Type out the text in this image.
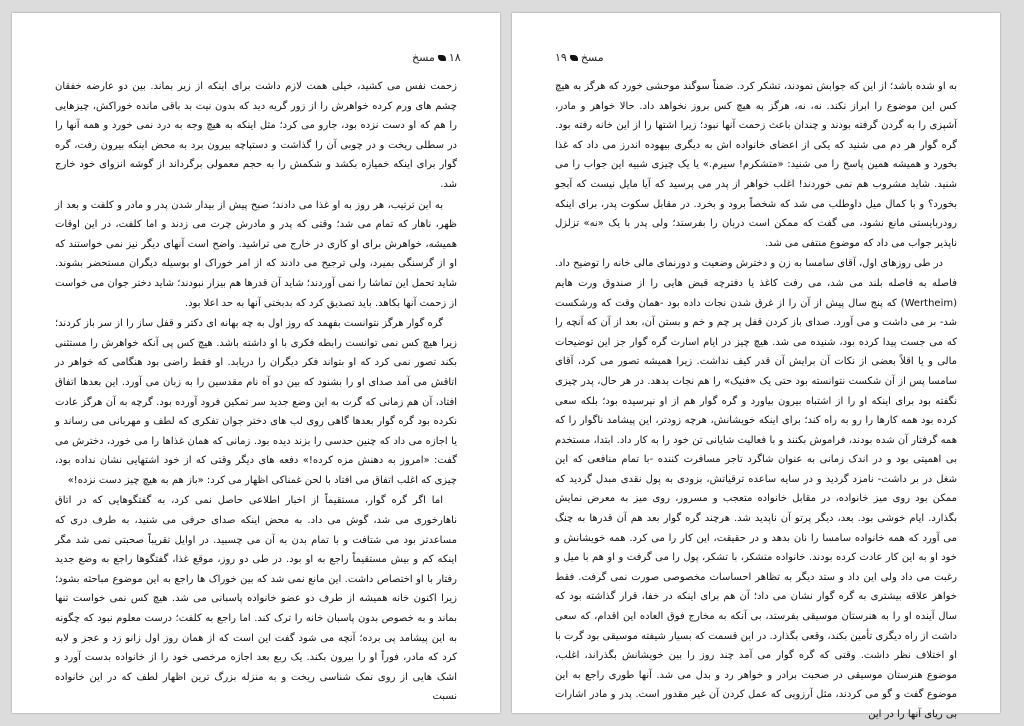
۱۸
مسخ

زحمت نفس می کشید، خیلی همت لازم داشت برای اینکه از زیر بماند. بین دو عارضه خفقان چشم های ورم کرده خواهرش را از زور گریه دید که بدون نیت بد باقی مانده خوراکش، چیزهایی را هم که او دست نزده بود، جارو می کرد؛ مثل اینکه به هیچ وجه به درد نمی خورد و همه آنها را در سطلی ریخت و در چوبی آن را گذاشت و دستپاچه بیرون برد به محض اینکه بیرون رفت، گره گوار برای اینکه خمیازه بکشد و شکمش را به حجم معمولی برگرداند از گوشه انزوای خود خارج شد.

به این ترتیب، هر روز به او غذا می دادند؛ صبح پیش از بیدار شدن پدر و مادر و کلفت و بعد از ظهر، ناهار که تمام می شد؛ وقتی که پدر و مادرش چرت می زدند و اما کلفت، در این اوقات همیشه، خواهرش برای او کاری در خارج می تراشید. واضح است آنهای دیگر نیز نمی خواستند که او از گرسنگی بمیرد، ولی ترجیح می دادند که از امر خوراک او بوسیله دیگران مستحضر بشوند. شاید تحمل این تماشا را نمی آوردند؛ شاید آن قدرها هم بیزار نبودند؛ شاید دختر جوان می خواست از زحمت آنها بکاهد. باید تصدیق کرد که بدبختی آنها به حد اعلا بود.

گره گوار هرگز نتوانست بفهمد که روز اول به چه بهانه ای دکتر و قفل ساز را از سر باز کردند؛ زیرا هیچ کس نمی توانست رابطه فکری با او داشته باشد. هیچ کس پی آنکه خواهرش را مستثنی بکند تصور نمی کرد که او بتواند فکر دیگران را دریابد. او فقط راضی بود هنگامی که خواهر در اتاقش می آمد صدای او را بشنود که بین دو آه نام مقدسین را به زبان می آورد. این بعدها اتفاق افتاد، آن هم زمانی که گرت به این وضع جدید سر تمکین فرود آورده بود. گرچه به آن هرگز عادت نکرده بود گره گوار بعدها گاهی روی لب های دختر جوان تفکری که لطف و مهربانی می رساند و یا اجازه می داد که چنین حدسی را بزند دیده بود. زمانی که همان غذاها را می خورد، دخترش می گفت: «امروز به دهنش مزه کرده!» دفعه های دیگر وقتی که از خود اشتهایی نشان نداده بود، چیزی که اغلب اتفاق می افتاد با لحن غمناکی اظهار می کرد: «باز هم به هیچ چیز دست نزده!»

اما اگر گره گوار، مستقیماً از اخبار اطلاعی حاصل نمی کرد، به گفتگوهایی که در اتاق ناهارخوری می شد، گوش می داد. به محض اینکه صدای حرفی می شنید، به طرف دری که مساعدتر بود می شتافت و با تمام بدن به آن می چسبید. در اوایل تقریباً صحبتی نمی شد مگر اینکه کم و بیش مستقیماً راجع به او بود. در طی دو روز، موقع غذا، گفتگوها راجع به وضع جدید رفتار با او اختصاص داشت. این مانع نمی شد که بین خوراک ها راجع به این موضوع مباحثه بشود؛ زیرا اکنون خانه همیشه از طرف دو عضو خانواده پاسبانی می شد. هیچ کس نمی خواست تنها بماند و به خصوص بدون پاسبان خانه را ترک کند. اما راجع به کلفت؛ درست معلوم نبود که چگونه به این پیشامد پی برده؛ آنچه می شود گفت این است که از همان روز اول زانو زد و عجز و لابه کرد که مادر، فوراً او را بیرون بکند. یک ربع بعد اجازه مرخصی خود را از خانواده بدست آورد و اشک هایی از روی نمک شناسی ریخت و به منزله بزرگ ترین اظهار لطف که در این خانواده نسبت

مسخ
۱۹

به او شده باشد؛ از این که جوابش نمودند، تشکر کرد. ضمناً سوگند موحشی خورد که هرگز به هیچ کس این موضوع را ابراز نکند. نه، نه، هرگز به هیچ کس بروز نخواهد داد. حالا خواهر و مادر، آشپزی را به گردن گرفته بودند و چندان باعث زحمت آنها نبود؛ زیرا اشتها را از این خانه رفته بود. گره گوار هر دم می شنید که یکی از اعضای خانواده اش به دیگری بیهوده اندرز می داد که غذا بخورد و همیشه همین پاسخ را می شنید: «متشکرم! سیرم.» یا یک چیزی شبیه این جواب را می شنید. شاید مشروب هم نمی خوردند! اغلب خواهر از پدر می پرسید که آیا مایل نیست که آبجو بخورد؟ و با کمال میل داوطلب می شد که شخصاً برود و بخرد. در مقابل سکوت پدر، برای اینکه رودربایستی مانع نشود، می گفت که ممکن است دربان را بفرستد؛ ولی پدر با یک «نه» تزلزل ناپذیر جواب می داد که موضوع منتفی می شد.

در طی روزهای اول، آقای سامسا به زن و دخترش وضعیت و دورنمای مالی خانه را توضیح داد. فاصله به فاصله بلند می شد، می رفت کاغذ یا دفترچه قبض هایی را از صندوق ورت هایم (Wertheim) که پنج سال پیش از آن را از غرق شدن نجات داده بود -همان وقت که ورشکست شد- بر می داشت و می آورد. صدای باز کردن قفل پر چم و خم و بستن آن، بعد از آن که آنچه را که می جست پیدا کرده بود، شنیده می شد. هیچ چیز در ایام اسارت گره گوار جز این توضیحات مالی و یا اقلاً بعضی از نکات آن برایش آن قدر کیف نداشت. زیرا همیشه تصور می کرد، آقای سامسا پس از آن شکست نتوانسته بود حتی یک «فنیک» را هم نجات بدهد. در هر حال، پدر چیزی نگفته بود برای اینکه او را از اشتباه بیرون بیاورد و گره گوار هم از او نپرسیده بود؛ بلکه سعی کرده بود همه کارها را رو به راه کند؛ برای اینکه خویشانش، هرچه زودتر، این پیشامد ناگوار را که همه گرفتار آن شده بودند، فراموش بکنند و با فعالیت شایانی تن خود را به کار داد. ابتدا، مستخدم بی اهمیتی بود و در اندک زمانی به عنوان شاگرد تاجر مسافرت کننده -با تمام منافعی که این شغل در بر داشت- نامزد گردید و در سایه ساعده ترقیاتش، بزودی به پول نقدی مبدل گردید که ممکن بود روی میز خانواده، در مقابل خانواده متعجب و مسرور، روی میز به معرض نمایش بگذارد. ایام خوشی بود. بعد، دیگر پرتو آن ناپدید شد. هرچند گره گوار بعد هم آن قدرها به چنگ می آورد که همه خانواده سامسا را نان بدهد و در حقیقت، این کار را می کرد. همه خویشانش و خود او به این کار عادت کرده بودند. خانواده متشکر، با تشکر، پول را می گرفت و او هم با میل و رغبت می داد ولی این داد و ستد دیگر به تظاهر احساسات مخصوصی صورت نمی گرفت. فقط خواهر علاقه بیشتری به گره گوار نشان می داد؛ آن هم برای اینکه در خفا، قرار گذاشته بود که سال آینده او را به هنرستان موسیقی بفرستد، بی آنکه به مخارج فوق العاده این اقدام، که سعی داشت از راه دیگری تأمین بکند، وقعی بگذارد. در این قسمت که بسیار شیفته موسیقی بود گرت با او اختلاف نظر داشت. وقتی که گره گوار می آمد چند روز را بین خویشانش بگذراند، اغلب، موضوع هنرستان موسیقی در صحبت برادر و خواهر رد و بدل می شد. آنها طوری راجع به این موضوع گفت و گو می کردند، مثل آرزویی که عمل کردن آن غیر مقدور است. پدر و مادر اشارات بی ریای آنها را در این
